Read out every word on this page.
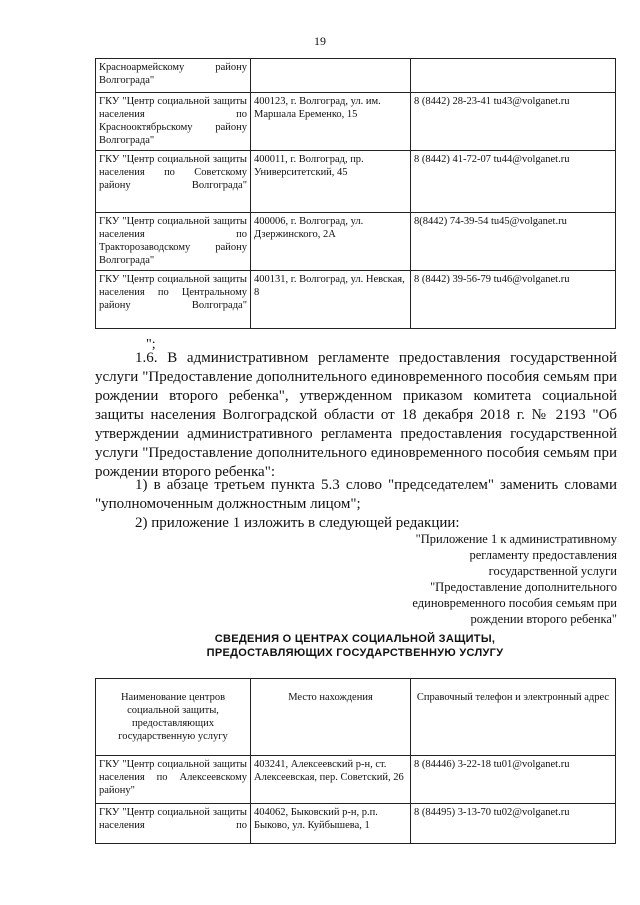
19
Красноармейскому району Волгограда"		
ГКУ "Центр социальной защиты населения по Краснооктябрьскому району Волгограда"	400123, г. Волгоград, ул. им. Маршала Еременко, 15	8 (8442) 28-23-41 tu43@volganet.ru
ГКУ "Центр социальной защиты населения по Советскому району Волгограда"	400011, г. Волгоград, пр. Университетский, 45	8 (8442) 41-72-07 tu44@volganet.ru
ГКУ "Центр социальной защиты населения по Тракторозаводскому району Волгограда"	400006, г. Волгоград, ул. Дзержинского, 2А	8(8442) 74-39-54 tu45@volganet.ru
ГКУ "Центр социальной защиты населения по Центральному району Волгограда"	400131, г. Волгоград, ул. Невская, 8	8 (8442) 39-56-79 tu46@volganet.ru
";
1.6. В административном регламенте предоставления государственной услуги "Предоставление дополнительного единовременного пособия семьям при рождении второго ребенка", утвержденном приказом комитета социальной защиты населения Волгоградской области от 18 декабря 2018 г. № 2193 "Об утверждении административного регламента предоставления государственной услуги "Предоставление дополнительного единовременного пособия семьям при рождении второго ребенка":
1) в абзаце третьем пункта 5.3 слово "председателем" заменить словами "уполномоченным должностным лицом";
2) приложение 1 изложить в следующей редакции:
"Приложение 1 к административному регламенту предоставления государственной услуги "Предоставление дополнительного единовременного пособия семьям при рождении второго ребенка"
СВЕДЕНИЯ О ЦЕНТРАХ СОЦИАЛЬНОЙ ЗАЩИТЫ,
ПРЕДОСТАВЛЯЮЩИХ ГОСУДАРСТВЕННУЮ УСЛУГУ
Наименование центров социальной защиты, предоставляющих государственную услугу	Место нахождения	Справочный телефон и электронный адрес
ГКУ "Центр социальной защиты населения по Алексеевскому району"	403241, Алексеевский р-н, ст. Алексеевская, пер. Советский, 26	8 (84446) 3-22-18 tu01@volganet.ru
ГКУ "Центр социальной защиты населения по	404062, Быковский р-н, р.п. Быково, ул. Куйбышева, 1	8 (84495) 3-13-70 tu02@volganet.ru
